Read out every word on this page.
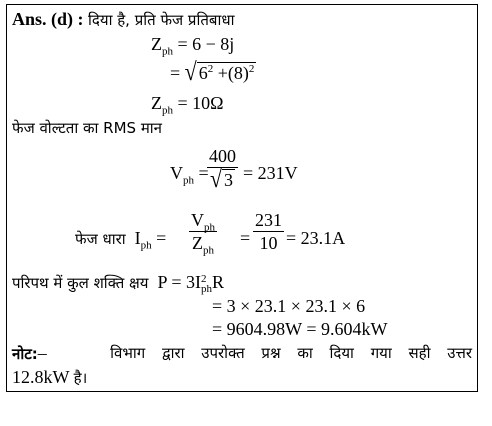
Ans. (d) : दिया है, प्रति फेज प्रतिबाधा
$Z_{ph} = 6 - 8j$
= √ $6^2 +(8)^2$
$Z_{ph} = 10\Omega$
फेज वोल्टता का RMS मान
$V_{ph}$ =
400
√ 3 = 231V
फेज धारा $I_{ph}$ =
$V_{ph}$
$Z_{ph}$
=
231
10 = 23.1A
परिपथ में कुल शक्ति क्षय P = 3I 2
ph R
= 3 × 23.1 × 23.1 × 6
= 9604.98W = 9.604kW
नोट:–	विभाग द्वारा उपरोक्त प्रश्न का दिया गया सही उत्तर
12.8kW है।
